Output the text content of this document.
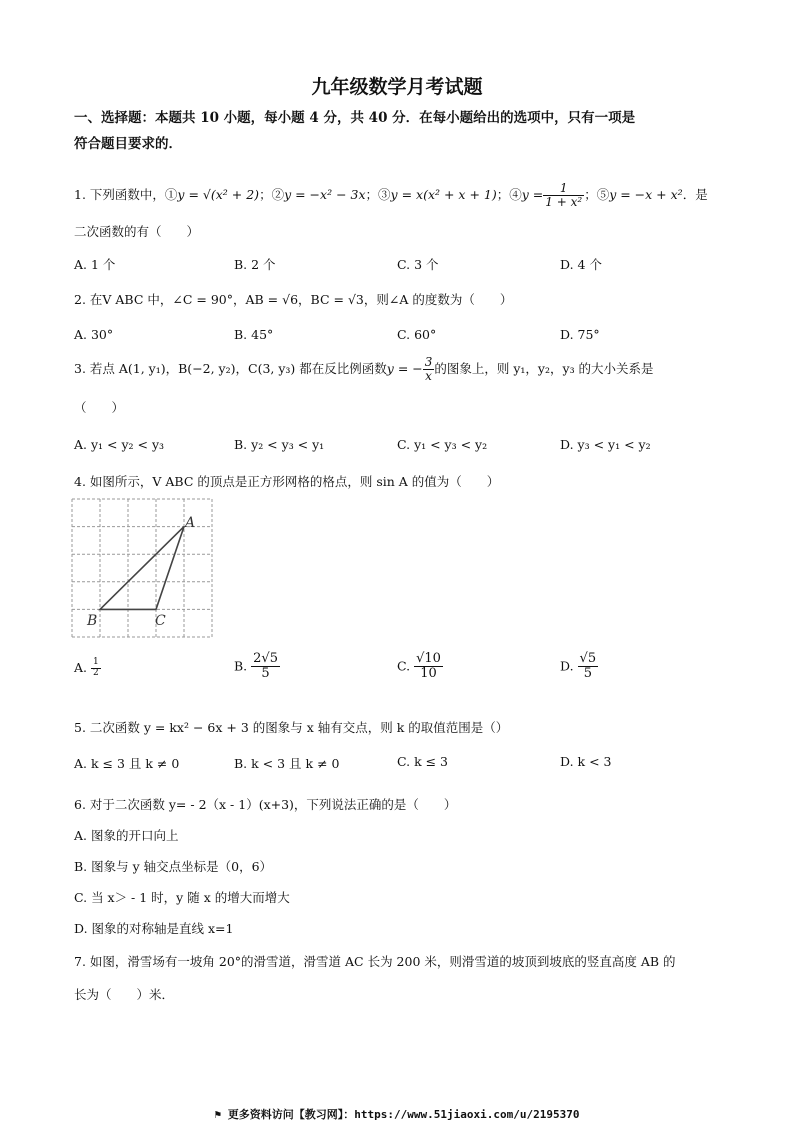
九年级数学月考试题
一、选择题：本题共 10 小题，每小题 4 分，共 40 分．在每小题给出的选项中，只有一项是
符合题目要求的．
1. 下列函数中，①y = √(x² + 2)；②y = −x² − 3x；③y = x(x² + x + 1)；④y = $\frac{1}{\text{1 + x²}}$ ；⑤y = −x + x²．是
二次函数的有（　　）
A. 1 个	B. 2 个	C. 3 个	D. 4 个
2. 在V ABC 中，∠C = 90°，AB = √6，BC = √3，则∠A 的度数为（　　）
A. 30°	B. 45°	C. 60°	D. 75°
3. 若点 A(1, y₁)，B(−2, y₂)，C(3, y₃) 都在反比例函数y = − $\frac{3}{x}$ 的图象上，则 y₁，y₂，y₃ 的大小关系是
（　　）
A. y₁ < y₂ < y₃	B. y₂ < y₃ < y₁	C. y₁ < y₃ < y₂	D. y₃ < y₁ < y₂
4. 如图所示，V ABC 的顶点是正方形网格的格点，则 sin A 的值为（　　）
A
B	C
A. $\frac{1}{2}$	B. $\frac{2√5}{5}$	C. $\frac{√10}{10}$	D. $\frac{√5}{5}$
5. 二次函数 y = kx² − 6x + 3 的图象与 x 轴有交点，则 k 的取值范围是（）
A. k ≤ 3 且 k ≠ 0	B. k < 3 且 k ≠ 0	C. k ≤ 3	D. k < 3
6. 对于二次函数 y= - 2（x - 1）(x+3)，下列说法正确的是（　　）
A. 图象的开口向上
B. 图象与 y 轴交点坐标是（0，6）
C. 当 x＞ - 1 时，y 随 x 的增大而增大
D. 图象的对称轴是直线 x=1
7. 如图，滑雪场有一坡角 20°的滑雪道，滑雪道 AC 长为 200 米，则滑雪道的坡顶到坡底的竖直高度 AB 的
长为（　　）米．
⚑ 更多资料访问【教习网】：https://www.51jiaoxi.com/u/2195370
